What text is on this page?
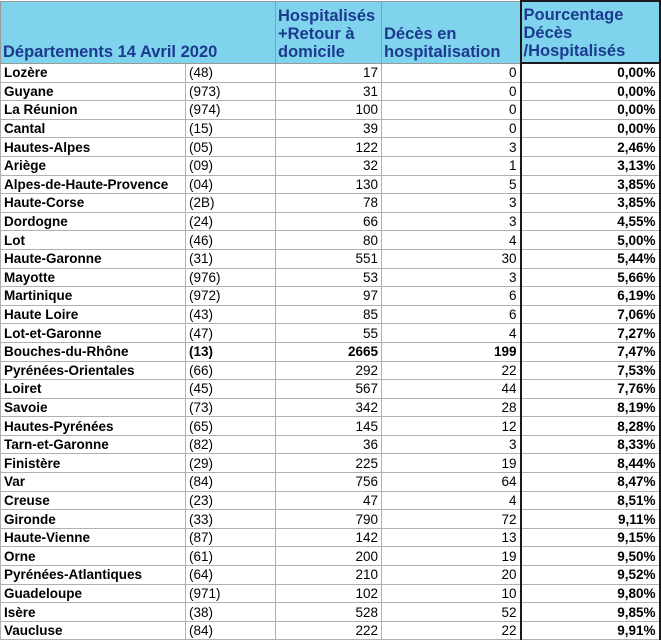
Départements 14 Avril 2020		Hospitalisés +Retour à domicile	Décès en hospitalisation	Pourcentage Décès /Hospitalisés
Lozère	(48)	17	0	0,00%
Guyane	(973)	31	0	0,00%
La Réunion	(974)	100	0	0,00%
Cantal	(15)	39	0	0,00%
Hautes-Alpes	(05)	122	3	2,46%
Ariège	(09)	32	1	3,13%
Alpes-de-Haute-Provence	(04)	130	5	3,85%
Haute-Corse	(2B)	78	3	3,85%
Dordogne	(24)	66	3	4,55%
Lot	(46)	80	4	5,00%
Haute-Garonne	(31)	551	30	5,44%
Mayotte	(976)	53	3	5,66%
Martinique	(972)	97	6	6,19%
Haute Loire	(43)	85	6	7,06%
Lot-et-Garonne	(47)	55	4	7,27%
Bouches-du-Rhône	(13)	2665	199	7,47%
Pyrénées-Orientales	(66)	292	22	7,53%
Loiret	(45)	567	44	7,76%
Savoie	(73)	342	28	8,19%
Hautes-Pyrénées	(65)	145	12	8,28%
Tarn-et-Garonne	(82)	36	3	8,33%
Finistère	(29)	225	19	8,44%
Var	(84)	756	64	8,47%
Creuse	(23)	47	4	8,51%
Gironde	(33)	790	72	9,11%
Haute-Vienne	(87)	142	13	9,15%
Orne	(61)	200	19	9,50%
Pyrénées-Atlantiques	(64)	210	20	9,52%
Guadeloupe	(971)	102	10	9,80%
Isère	(38)	528	52	9,85%
Vaucluse	(84)	222	22	9,91%
